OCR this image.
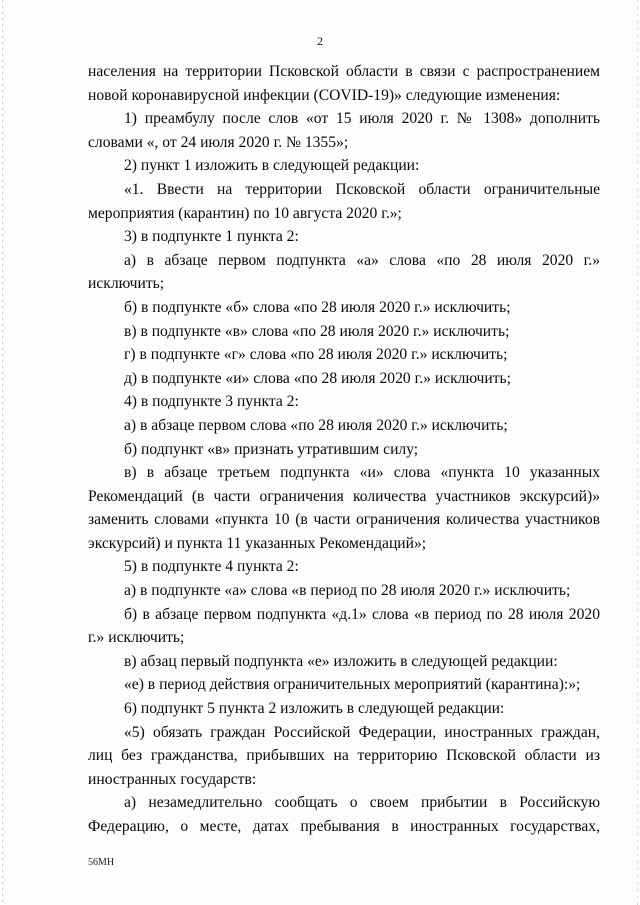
2

населения на территории Псковской области в связи с распространением новой коронавирусной инфекции (COVID-19)» следующие изменения:

1) преамбулу после слов «от 15 июля 2020 г. № 1308» дополнить словами «, от 24 июля 2020 г. № 1355»;

2) пункт 1 изложить в следующей редакции:

«1. Ввести на территории Псковской области ограничительные мероприятия (карантин) по 10 августа 2020 г.»;

3) в подпункте 1 пункта 2:

а) в абзаце первом подпункта «а» слова «по 28 июля 2020 г.» исключить;

б) в подпункте «б» слова «по 28 июля 2020 г.» исключить;

в) в подпункте «в» слова «по 28 июля 2020 г.» исключить;

г) в подпункте «г» слова «по 28 июля 2020 г.» исключить;

д) в подпункте «и» слова «по 28 июля 2020 г.» исключить;

4) в подпункте 3 пункта 2:

а) в абзаце первом слова «по 28 июля 2020 г.» исключить;

б) подпункт «в» признать утратившим силу;

в) в абзаце третьем подпункта «и» слова «пункта 10 указанных Рекомендаций (в части ограничения количества участников экскурсий)» заменить словами «пункта 10 (в части ограничения количества участников экскурсий) и пункта 11 указанных Рекомендаций»;

5) в подпункте 4 пункта 2:

а) в подпункте «а» слова «в период по 28 июля 2020 г.» исключить;

б) в абзаце первом подпункта «д.1» слова «в период по 28 июля 2020 г.» исключить;

в) абзац первый подпункта «е» изложить в следующей редакции:

«е) в период действия ограничительных мероприятий (карантина):»;

6) подпункт 5 пункта 2 изложить в следующей редакции:

«5) обязать граждан Российской Федерации, иностранных граждан, лиц без гражданства, прибывших на территорию Псковской области из иностранных государств:

а) незамедлительно сообщать о своем прибытии в Российскую Федерацию, о месте, датах пребывания в иностранных государствах,

56МН
